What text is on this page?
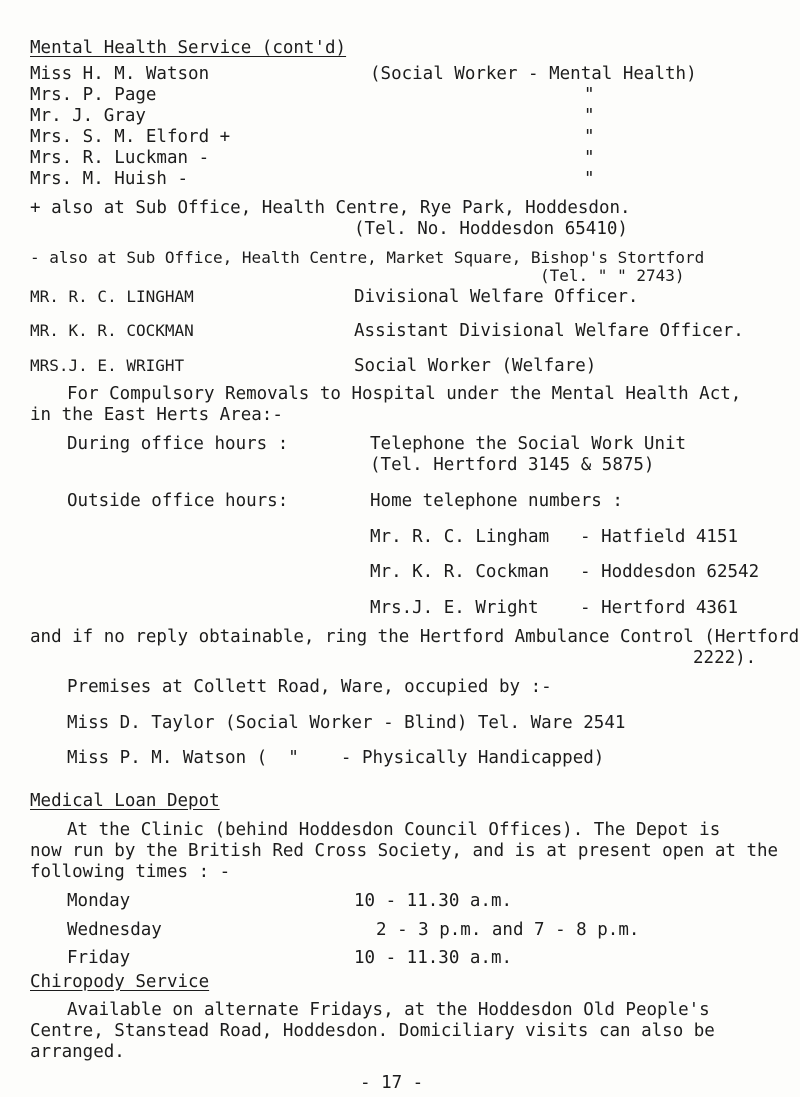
Mental Health Service (cont'd)
Miss H. M. Watson	(Social Worker - Mental Health)
Mrs. P. Page	"
Mr. J. Gray	"
Mrs. S. M. Elford +	"
Mrs. R. Luckman -	"
Mrs. M. Huish -	"
+ also at Sub Office, Health Centre, Rye Park, Hoddesdon.
(Tel. No. Hoddesdon 65410)
- also at Sub Office, Health Centre, Market Square, Bishop's Stortford
(Tel. " " 2743)
MR. R. C. LINGHAM	Divisional Welfare Officer.
MR. K. R. COCKMAN	Assistant Divisional Welfare Officer.
MRS.J. E. WRIGHT	Social Worker (Welfare)
For Compulsory Removals to Hospital under the Mental Health Act,
in the East Herts Area:-
During office hours :	Telephone the Social Work Unit
(Tel. Hertford 3145 & 5875)
Outside office hours:	Home telephone numbers :
Mr. R. C. Lingham - Hatfield 4151
Mr. K. R. Cockman - Hoddesdon 62542
Mrs.J. E. Wright - Hertford 4361
and if no reply obtainable, ring the Hertford Ambulance Control (Hertford
2222).
Premises at Collett Road, Ware, occupied by :-
Miss D. Taylor (Social Worker - Blind) Tel. Ware 2541
Miss P. M. Watson (  "    - Physically Handicapped)
Medical Loan Depot
At the Clinic (behind Hoddesdon Council Offices). The Depot is
now run by the British Red Cross Society, and is at present open at the
following times : -
Monday	10 - 11.30 a.m.
Wednesday	2 - 3 p.m. and 7 - 8 p.m.
Friday	10 - 11.30 a.m.
Chiropody Service
Available on alternate Fridays, at the Hoddesdon Old People's
Centre, Stanstead Road, Hoddesdon. Domiciliary visits can also be
arranged.
- 17 -
